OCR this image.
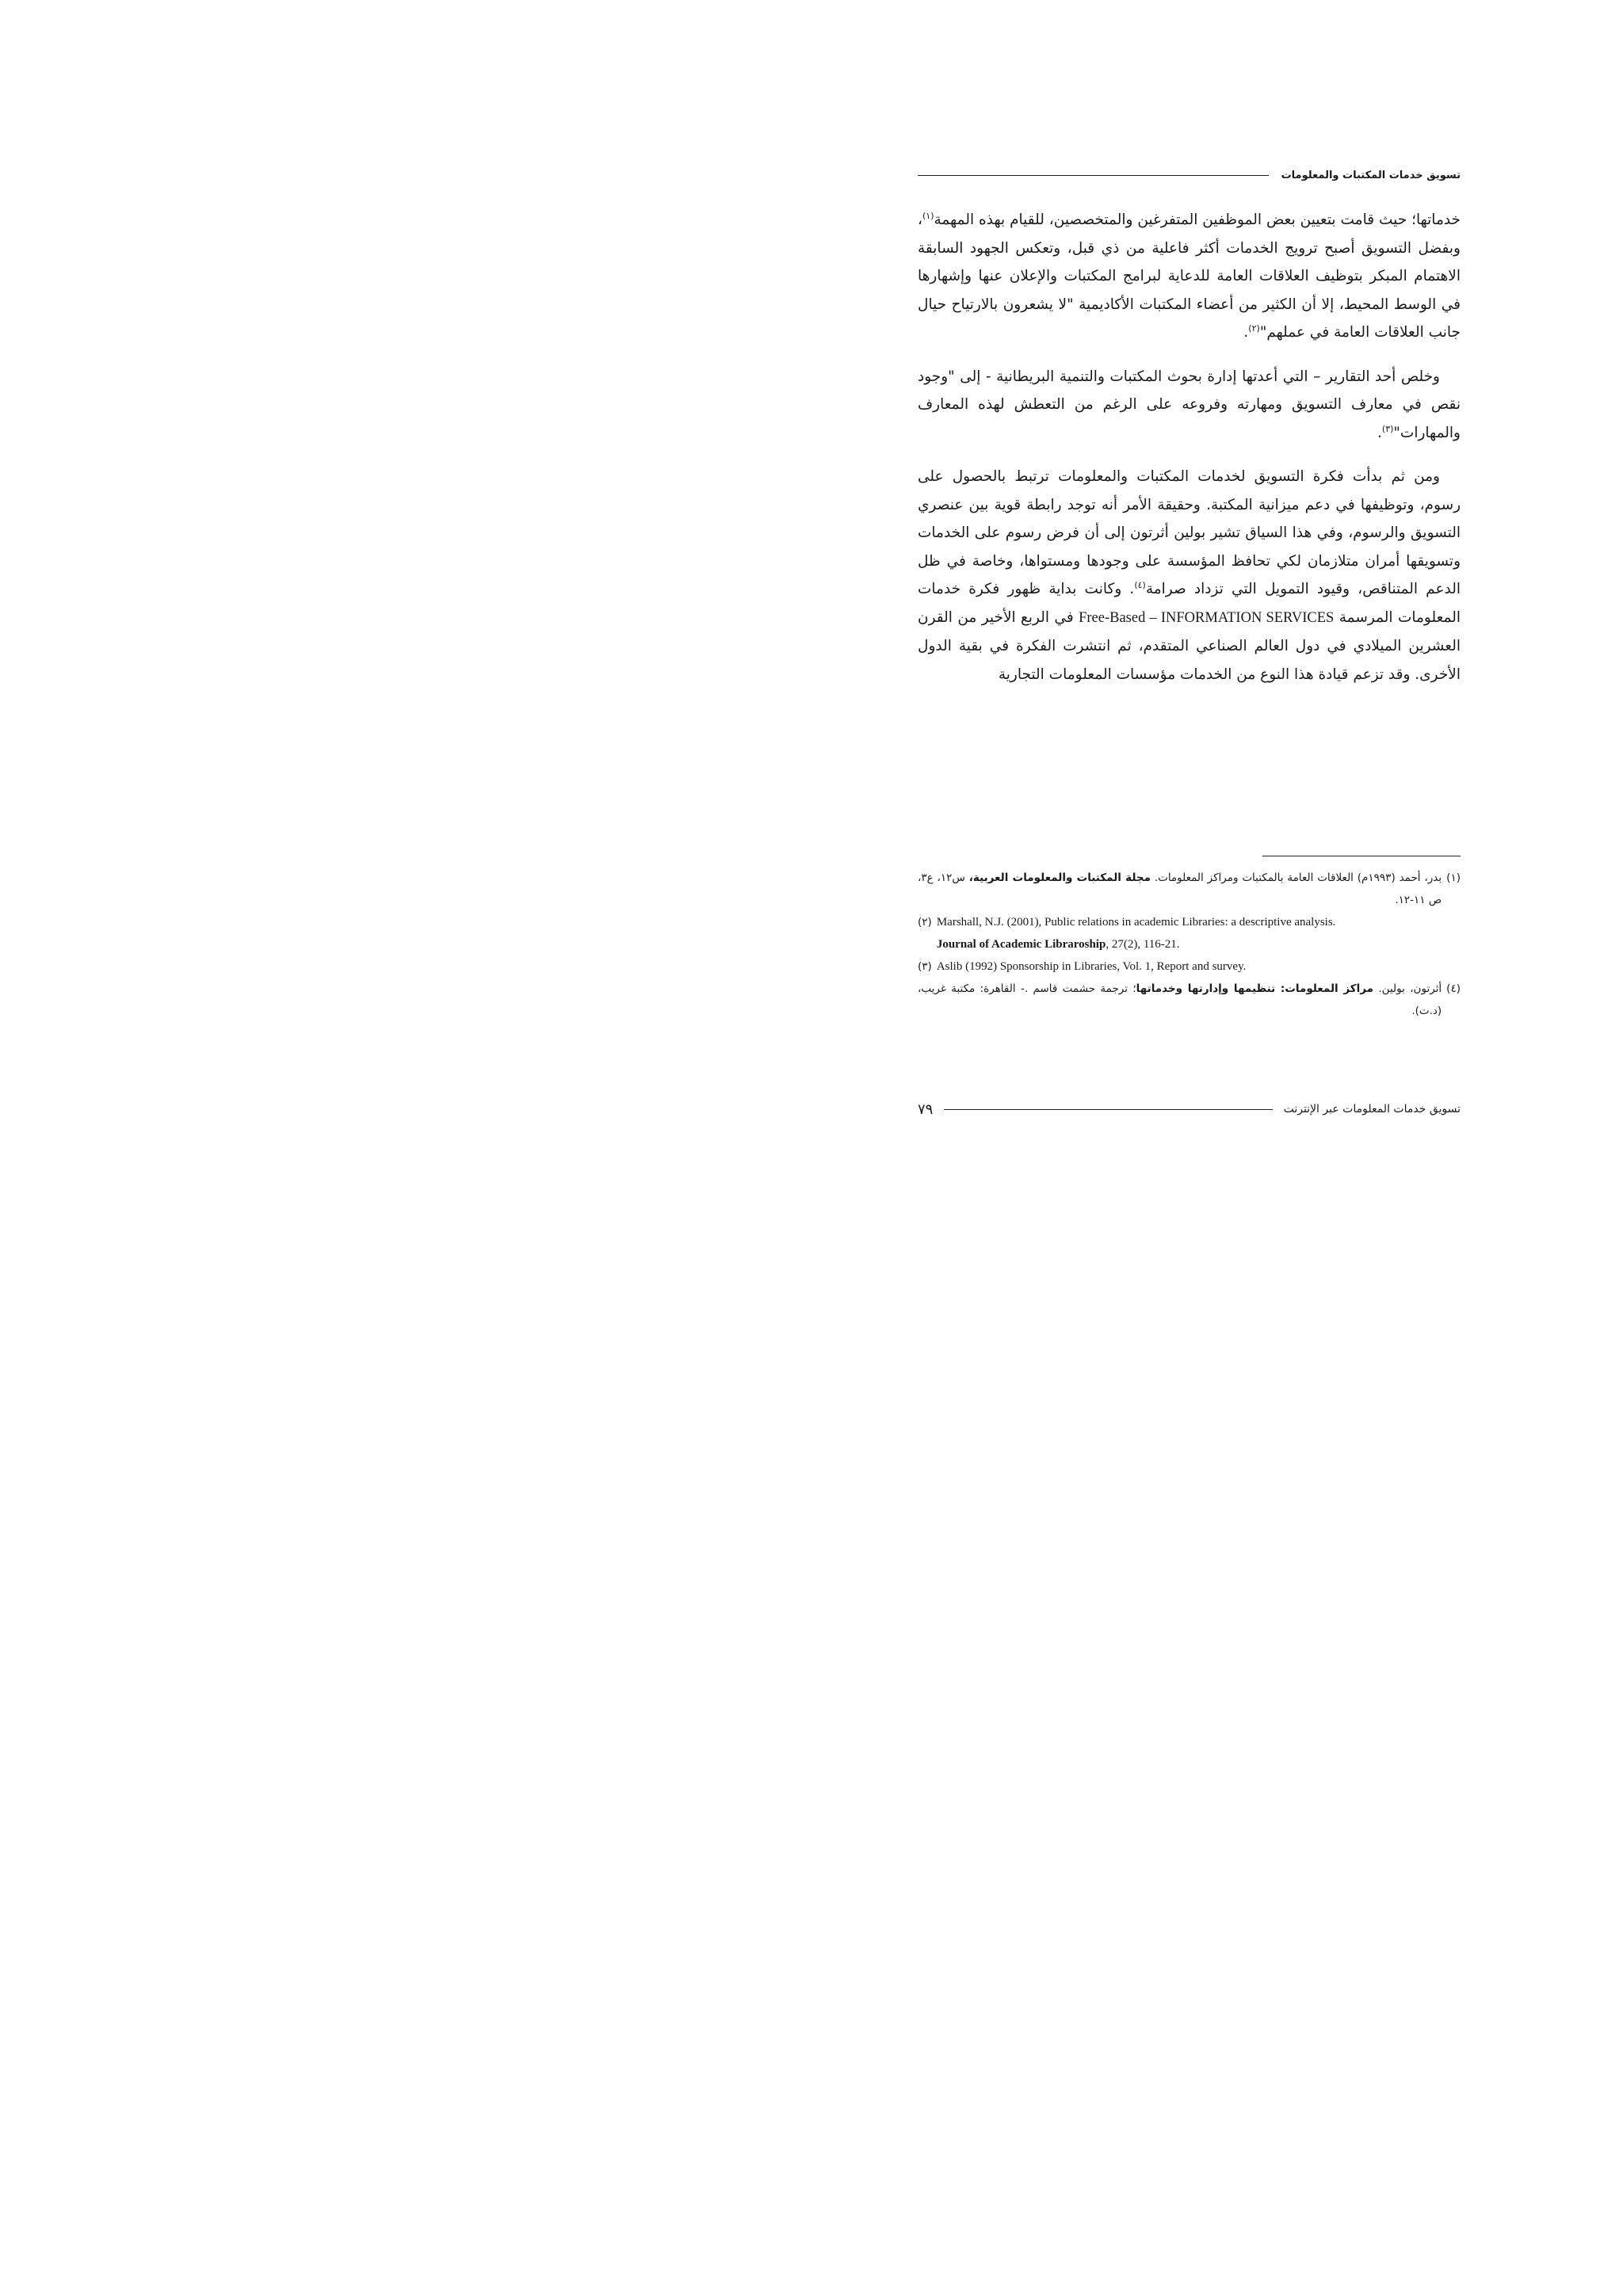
تسويق خدمات المكتبات والمعلومات

خدماتها؛ حيث قامت بتعيين بعض الموظفين المتفرغين والمتخصصين، للقيام بهذه المهمة$^{(١)}$، وبفضل التسويق أصبح ترويج الخدمات أكثر فاعلية من ذي قبل، وتعكس الجهود السابقة الاهتمام المبكر بتوظيف العلاقات العامة للدعاية لبرامج المكتبات والإعلان عنها وإشهارها في الوسط المحيط، إلا أن الكثير من أعضاء المكتبات الأكاديمية "لا يشعرون بالارتياح حيال جانب العلاقات العامة في عملهم"$^{(٢)}$.

وخلص أحد التقارير – التي أعدتها إدارة بحوث المكتبات والتنمية البريطانية - إلى "وجود نقص في معارف التسويق ومهارته وفروعه على الرغم من التعطش لهذه المعارف والمهارات"$^{(٣)}$.

ومن ثم بدأت فكرة التسويق لخدمات المكتبات والمعلومات ترتبط بالحصول على رسوم، وتوظيفها في دعم ميزانية المكتبة. وحقيقة الأمر أنه توجد رابطة قوية بين عنصري التسويق والرسوم، وفي هذا السياق تشير بولين أثرتون إلى أن فرض رسوم على الخدمات وتسويقها أمران متلازمان لكي تحافظ المؤسسة على وجودها ومستواها، وخاصة في ظل الدعم المتناقص، وقيود التمويل التي تزداد صرامة$^{(٤)}$. وكانت بداية ظهور فكرة خدمات المعلومات المرسمة Free-Based – INFORMATION SERVICES في الربع الأخير من القرن العشرين الميلادي في دول العالم الصناعي المتقدم، ثم انتشرت الفكرة في بقية الدول الأخرى. وقد تزعم قيادة هذا النوع من الخدمات مؤسسات المعلومات التجارية

(١)
بدر، أحمد (١٩٩٣م) العلاقات العامة بالمكتبات ومراكز المعلومات. مجلة المكتبات والمعلومات العربية، س١٢، ع٣، ص ١١-١٢.
(٢) Marshall, N.J. (2001), Public relations in academic Libraries: a descriptive analysis.
Journal of Academic Libraroship, 27(2), 116-21.
(٣) Aslib (1992) Sponsorship in Libraries, Vol. 1, Report and survey.
(٤)
أثرتون، بولين. مراكز المعلومات: تنظيمها وإدارتها وخدماتها؛ ترجمة حشمت قاسم .- القاهرة: مكتبة غريب، (د.ت).
تسويق خدمات المعلومات عبر الإنترنت
٧٩
